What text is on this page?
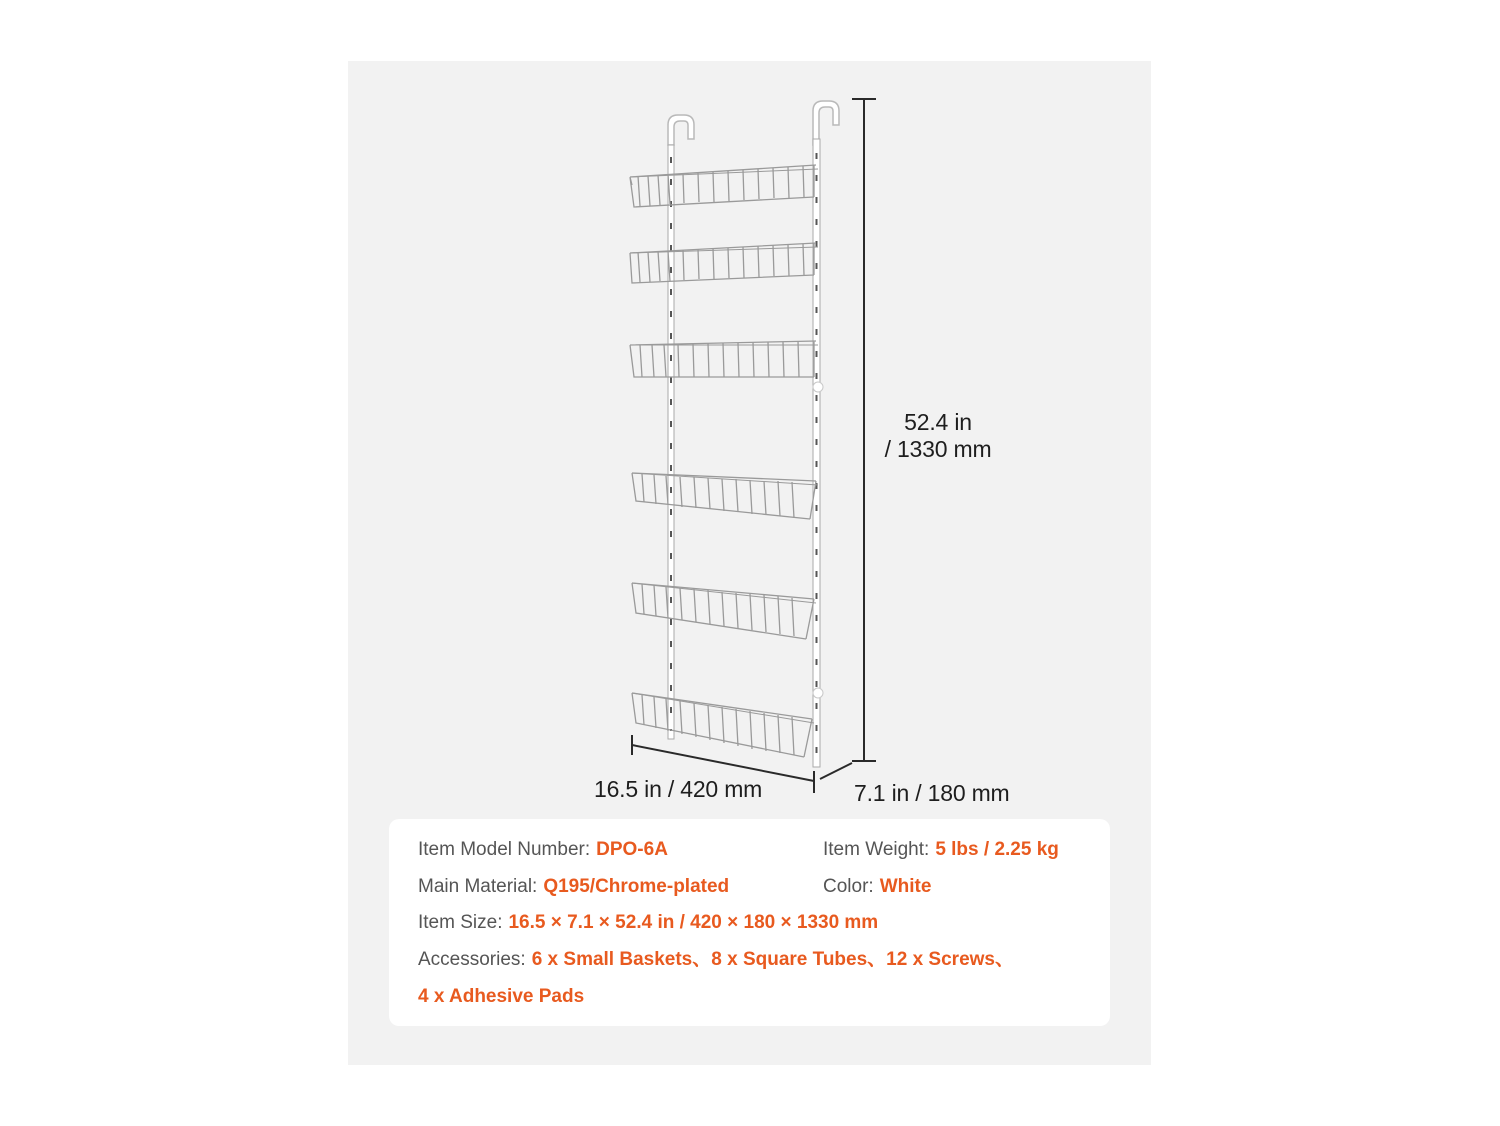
52.4 in
/ 1330 mm
16.5 in / 420 mm	7.1 in / 180 mm
Item Model Number: DPO-6A	Item Weight: 5 lbs / 2.25 kg
Main Material: Q195/Chrome-plated	Color: White
Item Size: 16.5 × 7.1 × 52.4 in / 420 × 180 × 1330 mm
Accessories: 6 x Small Baskets、8 x Square Tubes、12 x Screws、
4 x Adhesive Pads
